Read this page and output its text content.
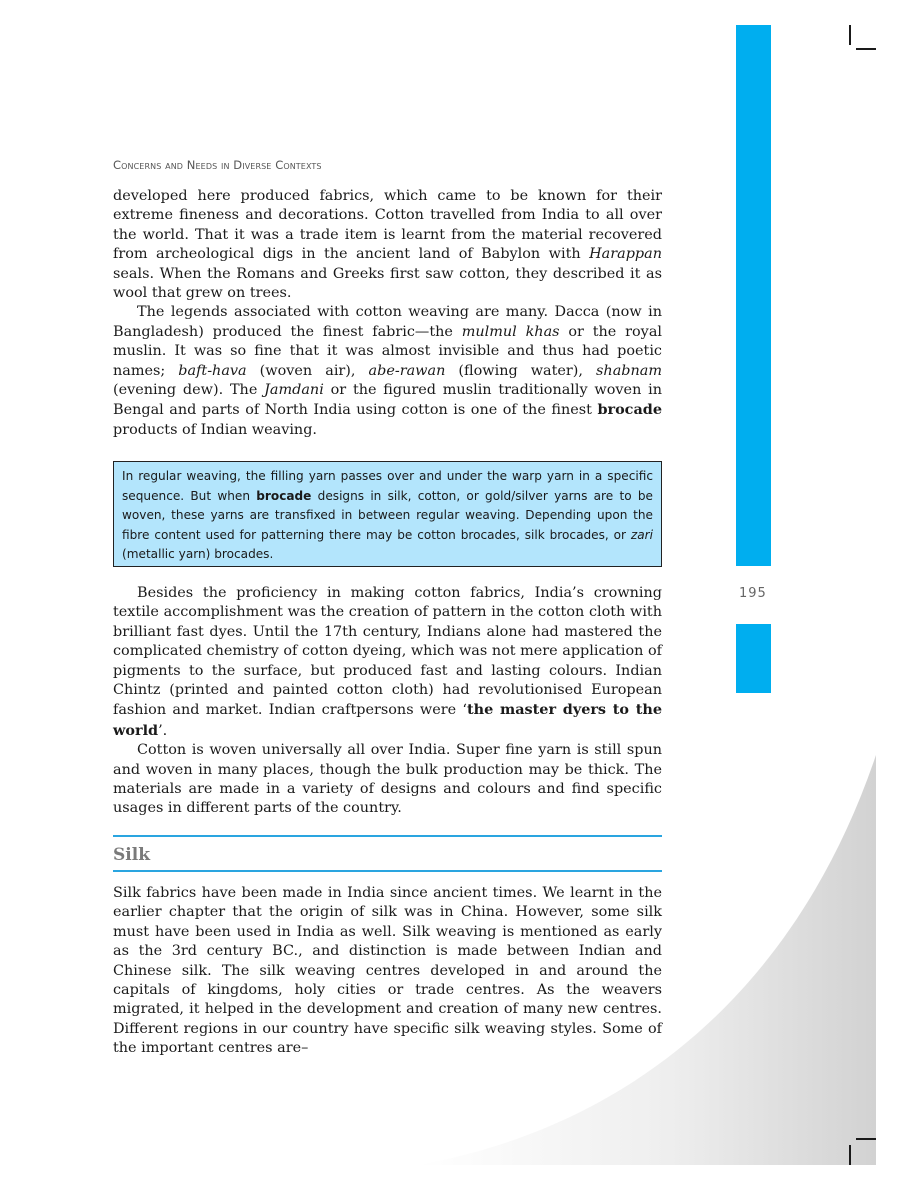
195
Concerns and Needs in Diverse Contexts

developed here produced fabrics, which came to be known for their extreme fineness and decorations. Cotton travelled from India to all over the world. That it was a trade item is learnt from the material recovered from archeological digs in the ancient land of Babylon with Harappan seals. When the Romans and Greeks first saw cotton, they described it as wool that grew on trees.

The legends associated with cotton weaving are many. Dacca (now in Bangladesh) produced the finest fabric—the mulmul khas or the royal muslin. It was so fine that it was almost invisible and thus had poetic names; baft-hava (woven air), abe-rawan (flowing water), shabnam (evening dew). The Jamdani or the figured muslin traditionally woven in Bengal and parts of North India using cotton is one of the finest brocade products of Indian weaving.

In regular weaving, the filling yarn passes over and under the warp yarn in a specific sequence. But when brocade designs in silk, cotton, or gold/silver yarns are to be woven, these yarns are transfixed in between regular weaving. Depending upon the fibre content used for patterning there may be cotton brocades, silk brocades, or zari (metallic yarn) brocades.

Besides the proficiency in making cotton fabrics, India’s crowning textile accomplishment was the creation of pattern in the cotton cloth with brilliant fast dyes. Until the 17th century, Indians alone had mastered the complicated chemistry of cotton dyeing, which was not mere application of pigments to the surface, but produced fast and lasting colours. Indian Chintz (printed and painted cotton cloth) had revolutionised European fashion and market. Indian craftpersons were ‘the master dyers to the world’.

Cotton is woven universally all over India. Super fine yarn is still spun and woven in many places, though the bulk production may be thick. The materials are made in a variety of designs and colours and find specific usages in different parts of the country.

Silk

Silk fabrics have been made in India since ancient times. We learnt in the earlier chapter that the origin of silk was in China. However, some silk must have been used in India as well. Silk weaving is mentioned as early as the 3rd century BC., and distinction is made between Indian and Chinese silk. The silk weaving centres developed in and around the capitals of kingdoms, holy cities or trade centres. As the weavers migrated, it helped in the development and creation of many new centres. Different regions in our country have specific silk weaving styles. Some of the important centres are–
